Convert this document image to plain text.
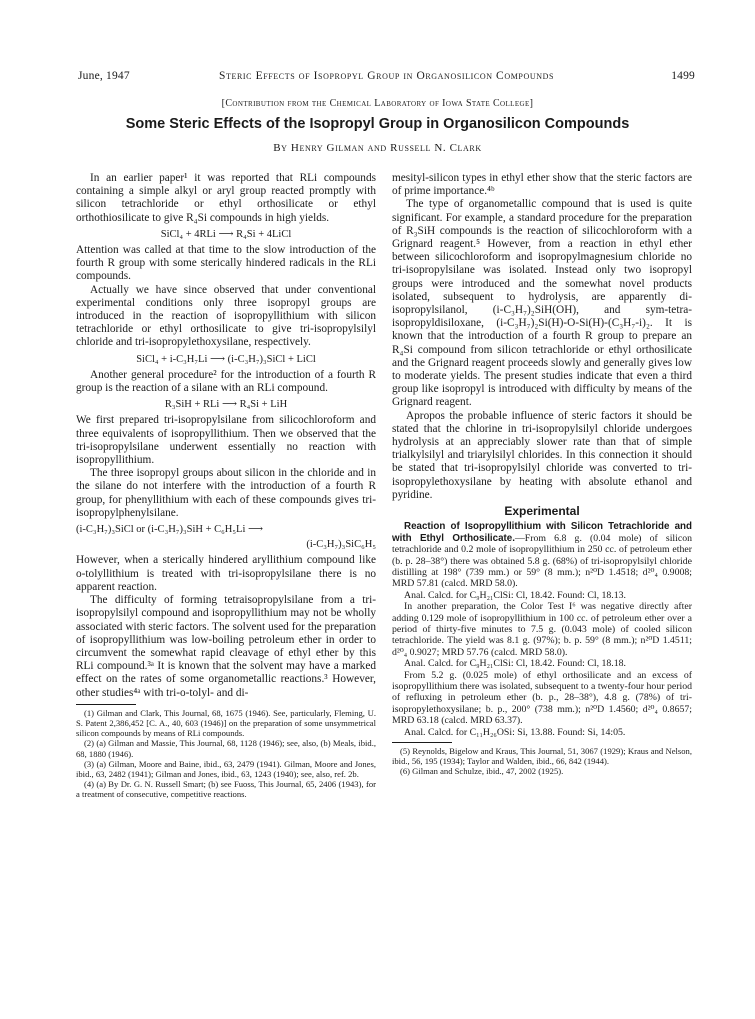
June, 1947	Steric Effects of Isopropyl Group in Organosilicon Compounds	1499
[Contribution from the Chemical Laboratory of Iowa State College]
Some Steric Effects of the Isopropyl Group in Organosilicon Compounds
By Henry Gilman and Russell N. Clark

In an earlier paper¹ it was reported that RLi compounds containing a simple alkyl or aryl group reacted promptly with silicon tetrachloride or ethyl orthosilicate or ethyl orthothiosilicate to give R₄Si compounds in high yields.

SiCl₄ + 4RLi ⟶ R₄Si + 4LiCl

Attention was called at that time to the slow introduction of the fourth R group with some sterically hindered radicals in the RLi compounds.

Actually we have since observed that under conventional experimental conditions only three isopropyl groups are introduced in the reaction of isopropyllithium with silicon tetrachloride or ethyl orthosilicate to give tri-isopropylsilyl chloride and tri-isopropylethoxysilane, respectively.

SiCl₄ + i-C₃H₇Li ⟶ (i-C₃H₇)₃SiCl + LiCl

Another general procedure² for the introduction of a fourth R group is the reaction of a silane with an RLi compound.

R₃SiH + RLi ⟶ R₄Si + LiH

We first prepared tri-isopropylsilane from silicochloroform and three equivalents of isopropyllithium. Then we observed that the tri-isopropylsilane underwent essentially no reaction with isopropyllithium.

The three isopropyl groups about silicon in the chloride and in the silane do not interfere with the introduction of a fourth R group, for phenyllithium with each of these compounds gives tri-isopropylphenylsilane.

(i-C₃H₇)₃SiCl or (i-C₃H₇)₃SiH + C₆H₅Li ⟶
(i-C₃H₇)₃SiC₆H₅

However, when a sterically hindered aryllithium compound like o-tolyllithium is treated with tri-isopropylsilane there is no apparent reaction.

The difficulty of forming tetraisopropylsilane from a tri-isopropylsilyl compound and isopropyllithium may not be wholly associated with steric factors. The solvent used for the preparation of isopropyllithium was low-boiling petroleum ether in order to circumvent the somewhat rapid cleavage of ethyl ether by this RLi compound.³ᵃ It is known that the solvent may have a marked effect on the rates of some organometallic reactions.³ However, other studies⁴ᵃ with tri-o-tolyl- and di-

(1) Gilman and Clark, This Journal, 68, 1675 (1946). See, particularly, Fleming, U. S. Patent 2,386,452 [C. A., 40, 603 (1946)] on the preparation of some unsymmetrical silicon compounds by means of RLi compounds.

(2) (a) Gilman and Massie, This Journal, 68, 1128 (1946); see, also, (b) Meals, ibid., 68, 1880 (1946).

(3) (a) Gilman, Moore and Baine, ibid., 63, 2479 (1941). Gilman, Moore and Jones, ibid., 63, 2482 (1941); Gilman and Jones, ibid., 63, 1243 (1940); see, also, ref. 2b.

(4) (a) By Dr. G. N. Russell Smart; (b) see Fuoss, This Journal, 65, 2406 (1943), for a treatment of consecutive, competitive reactions.

mesityl-silicon types in ethyl ether show that the steric factors are of prime importance.⁴ᵇ

The type of organometallic compound that is used is quite significant. For example, a standard procedure for the preparation of R₃SiH compounds is the reaction of silicochloroform with a Grignard reagent.⁵ However, from a reaction in ethyl ether between silicochloroform and isopropylmagnesium chloride no tri-isopropylsilane was isolated. Instead only two isopropyl groups were introduced and the somewhat novel products isolated, subsequent to hydrolysis, are apparently di-isopropylsilanol, (i-C₃H₇)₂SiH(OH), and sym-tetra-isopropyldisiloxane, (i-C₃H₇)₂Si(H)-O-Si(H)-(C₃H₇-i)₂. It is known that the introduction of a fourth R group to prepare an R₄Si compound from silicon tetrachloride or ethyl orthosilicate and the Grignard reagent proceeds slowly and generally gives low to moderate yields. The present studies indicate that even a third group like isopropyl is introduced with difficulty by means of the Grignard reagent.

Apropos the probable influence of steric factors it should be stated that the chlorine in tri-isopropylsilyl chloride undergoes hydrolysis at an appreciably slower rate than that of simple trialkylsilyl and triarylsilyl chlorides. In this connection it should be stated that tri-isopropylsilyl chloride was converted to tri-isopropylethoxysilane by heating with absolute ethanol and pyridine.

Experimental

Reaction of Isopropyllithium with Silicon Tetrachloride and with Ethyl Orthosilicate.—From 6.8 g. (0.04 mole) of silicon tetrachloride and 0.2 mole of isopropyllithium in 250 cc. of petroleum ether (b. p. 28–38°) there was obtained 5.8 g. (68%) of tri-isopropylsilyl chloride distilling at 198° (739 mm.) or 59° (8 mm.); n²⁰D 1.4518; d²⁰₄ 0.9008; MRD 57.81 (calcd. MRD 58.0).

Anal. Calcd. for C₉H₂₁ClSi: Cl, 18.42. Found: Cl, 18.13.

In another preparation, the Color Test I⁶ was negative directly after adding 0.129 mole of isopropyllithium in 100 cc. of petroleum ether over a period of thirty-five minutes to 7.5 g. (0.043 mole) of cooled silicon tetrachloride. The yield was 8.1 g. (97%); b. p. 59° (8 mm.); n²⁰D 1.4511; d²⁰₄ 0.9027; MRD 57.76 (calcd. MRD 58.0).

Anal. Calcd. for C₉H₂₁ClSi: Cl, 18.42. Found: Cl, 18.18.

From 5.2 g. (0.025 mole) of ethyl orthosilicate and an excess of isopropyllithium there was isolated, subsequent to a twenty-four hour period of refluxing in petroleum ether (b. p., 28–38°), 4.8 g. (78%) of tri-isopropylethoxysilane; b. p., 200° (738 mm.); n²⁰D 1.4560; d²⁰₄ 0.8657; MRD 63.18 (calcd. MRD 63.37).

Anal. Calcd. for C₁₁H₂₆OSi: Si, 13.88. Found: Si, 14:05.

(5) Reynolds, Bigelow and Kraus, This Journal, 51, 3067 (1929); Kraus and Nelson, ibid., 56, 195 (1934); Taylor and Walden, ibid., 66, 842 (1944).

(6) Gilman and Schulze, ibid., 47, 2002 (1925).
